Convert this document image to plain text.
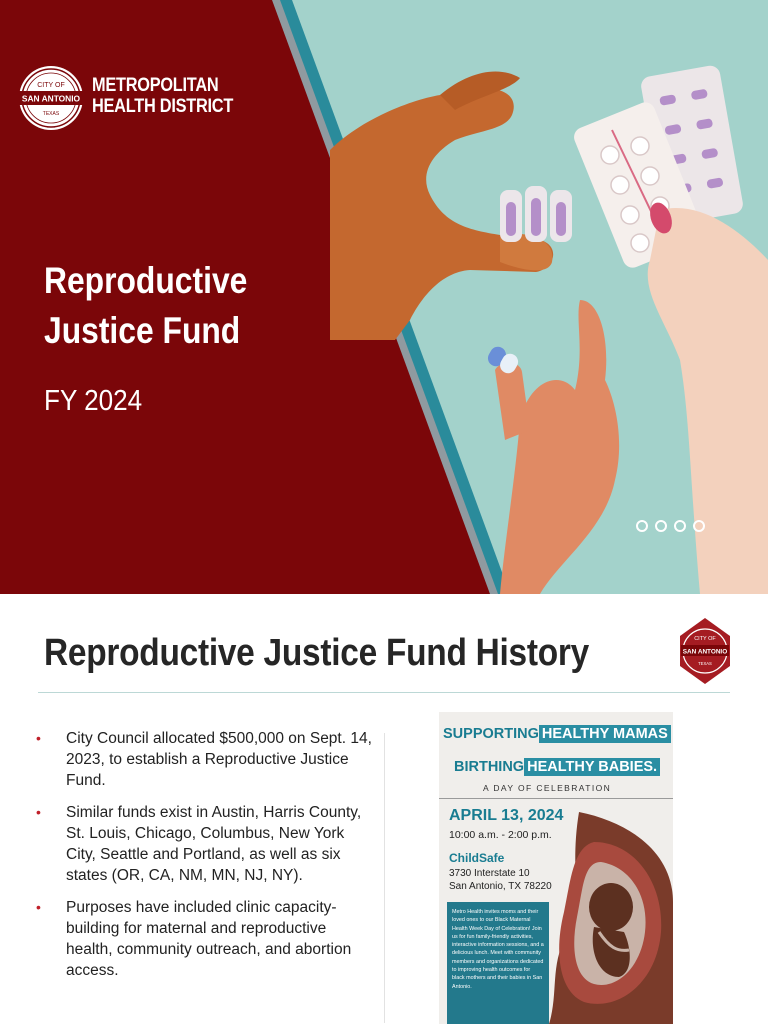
CITY OF
SAN ANTONIO
TEXAS
METROPOLITAN
HEALTH DISTRICT
Reproductive
Justice Fund
FY 2024
Reproductive Justice Fund History	CITY OF
SAN ANTONIO
TEXAS
• City Council allocated $500,000 on Sept. 14, 2023, to establish a Reproductive Justice Fund.
• Similar funds exist in Austin, Harris County, St. Louis, Chicago, Columbus, New York City, Seattle and Portland, as well as six states (OR, CA, NM, MN, NJ, NY).
• Purposes have included clinic capacity-building for maternal and reproductive health, community outreach, and abortion access.
SUPPORTING HEALTHY MAMAS
BIRTHING HEALTHY BABIES.
A DAY OF CELEBRATION
APRIL 13, 2024
10:00 a.m. - 2:00 p.m.
ChildSafe
3730 Interstate 10
San Antonio, TX 78220
Metro Health invites moms and their loved ones to our Black Maternal Health Week Day of Celebration! Join us for fun family-friendly activities, interactive information sessions, and a delicious lunch. Meet with community members and organizations dedicated to improving health outcomes for black mothers and their babies in San Antonio.
